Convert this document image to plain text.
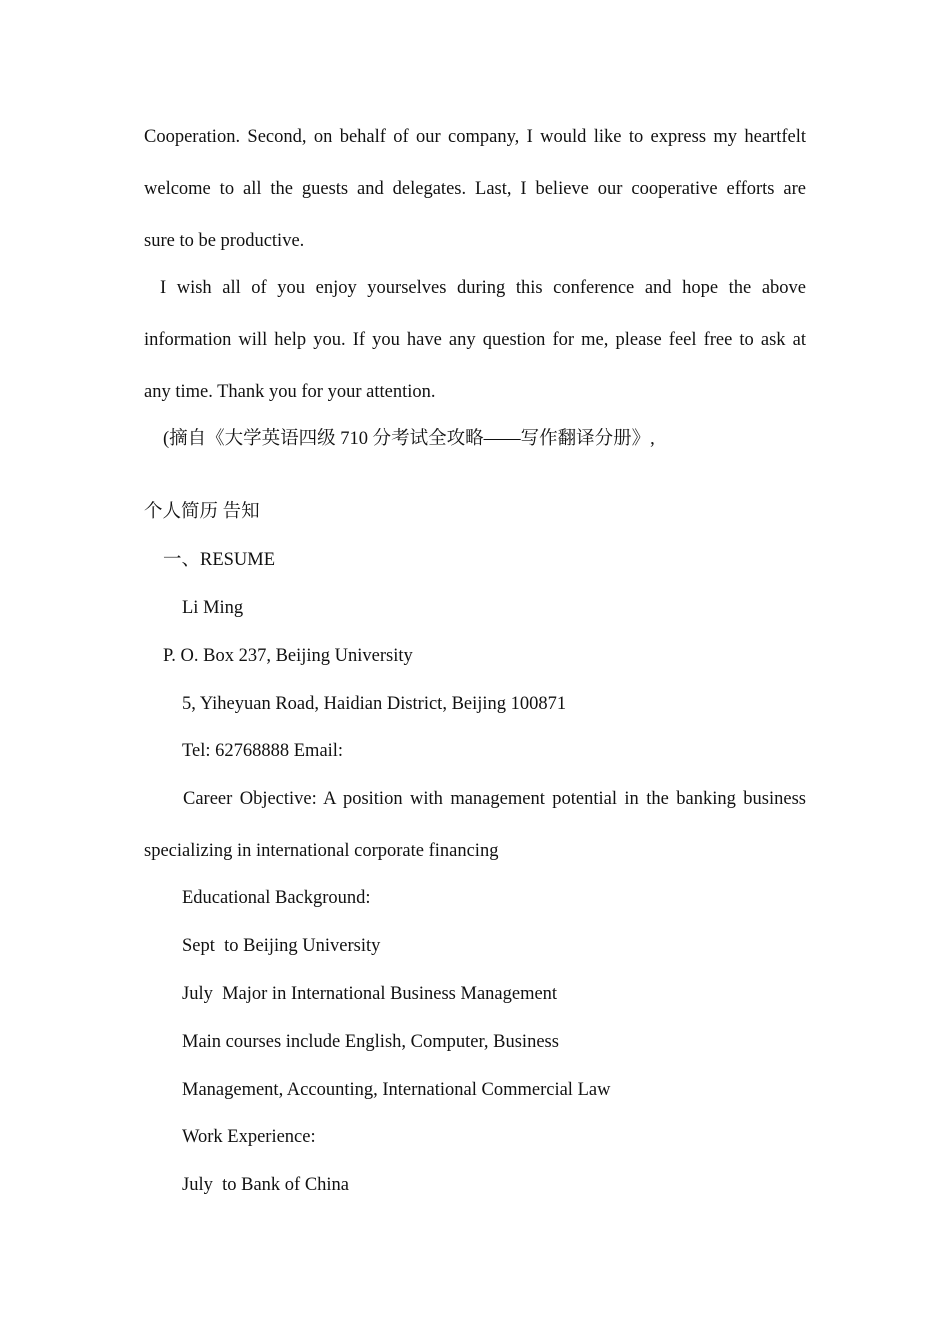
Cooperation. Second, on behalf of our company, I would like to express my heartfelt
welcome to all the guests and delegates. Last, I believe our cooperative efforts are
sure to be productive.
I wish all of you enjoy yourselves during this conference and hope the above
information will help you. If you have any question for me, please feel free to ask at
any time. Thank you for your attention.
(摘自《大学英语四级 710 分考试全攻略——写作翻译分册》,
个人简历 告知
一、RESUME
Li Ming
P. O. Box 237, Beijing University
5, Yiheyuan Road, Haidian District, Beijing 100871
Tel: 62768888 Email:
Career Objective: A position with management potential in the banking business
specializing in international corporate financing
Educational Background:
Sept  to Beijing University
July  Major in International Business Management
Main courses include English, Computer, Business
Management, Accounting, International Commercial Law
Work Experience:
July  to Bank of China
